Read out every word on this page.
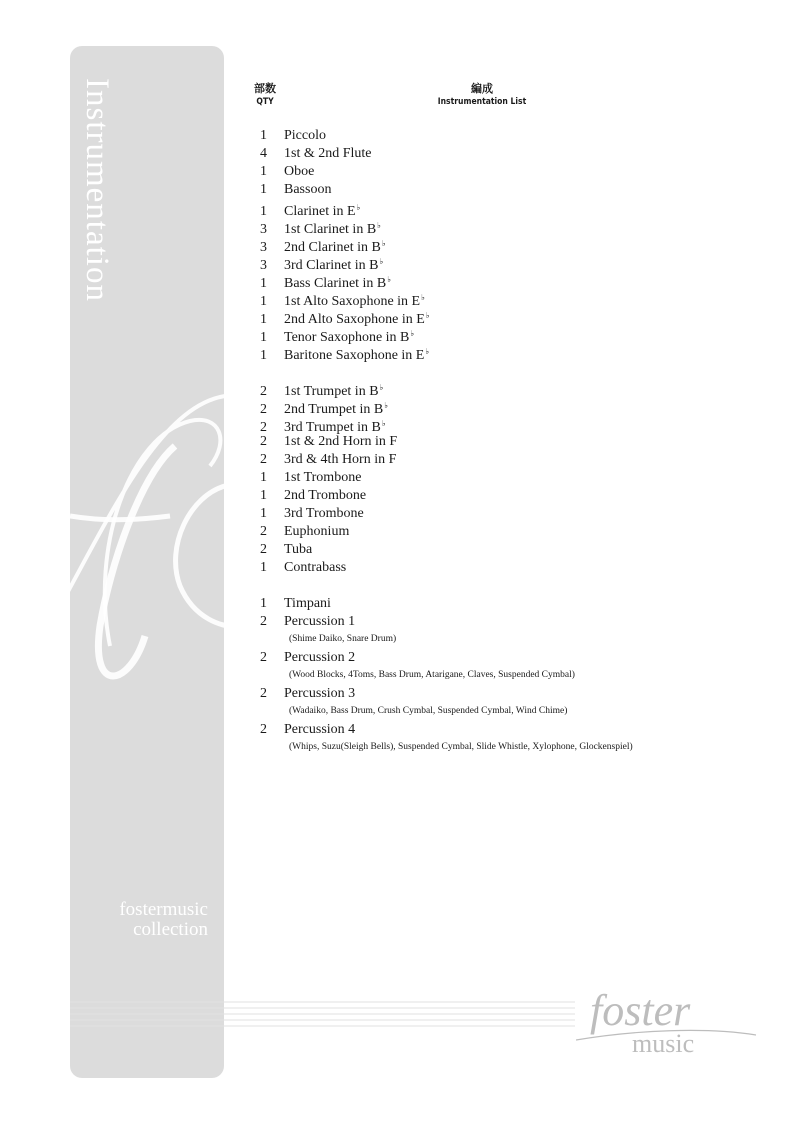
Instrumentation
fostermusic
collection
foster
music
部数
QTY
編成
Instrumentation List
1	Piccolo
4	1st & 2nd Flute
1	Oboe
1	Bassoon
1	Clarinet in E♭
3	1st Clarinet in B♭
3	2nd Clarinet in B♭
3	3rd Clarinet in B♭
1	Bass Clarinet in B♭
1	1st Alto Saxophone in E♭
1	2nd Alto Saxophone in E♭
1	Tenor Saxophone in B♭
1	Baritone Saxophone in E♭
2	1st Trumpet in B♭
2	2nd Trumpet in B♭
2	3rd Trumpet in B♭
2	1st & 2nd Horn in F
2	3rd & 4th Horn in F
1	1st Trombone
1	2nd Trombone
1	3rd Trombone
2	Euphonium
2	Tuba
1	Contrabass
1	Timpani
2	Percussion 1
(Shime Daiko, Snare Drum)
2	Percussion 2
(Wood Blocks, 4Toms, Bass Drum, Atarigane, Claves, Suspended Cymbal)
2	Percussion 3
(Wadaiko, Bass Drum, Crush Cymbal, Suspended Cymbal, Wind Chime)
2	Percussion 4
(Whips, Suzu(Sleigh Bells), Suspended Cymbal, Slide Whistle, Xylophone, Glockenspiel)
